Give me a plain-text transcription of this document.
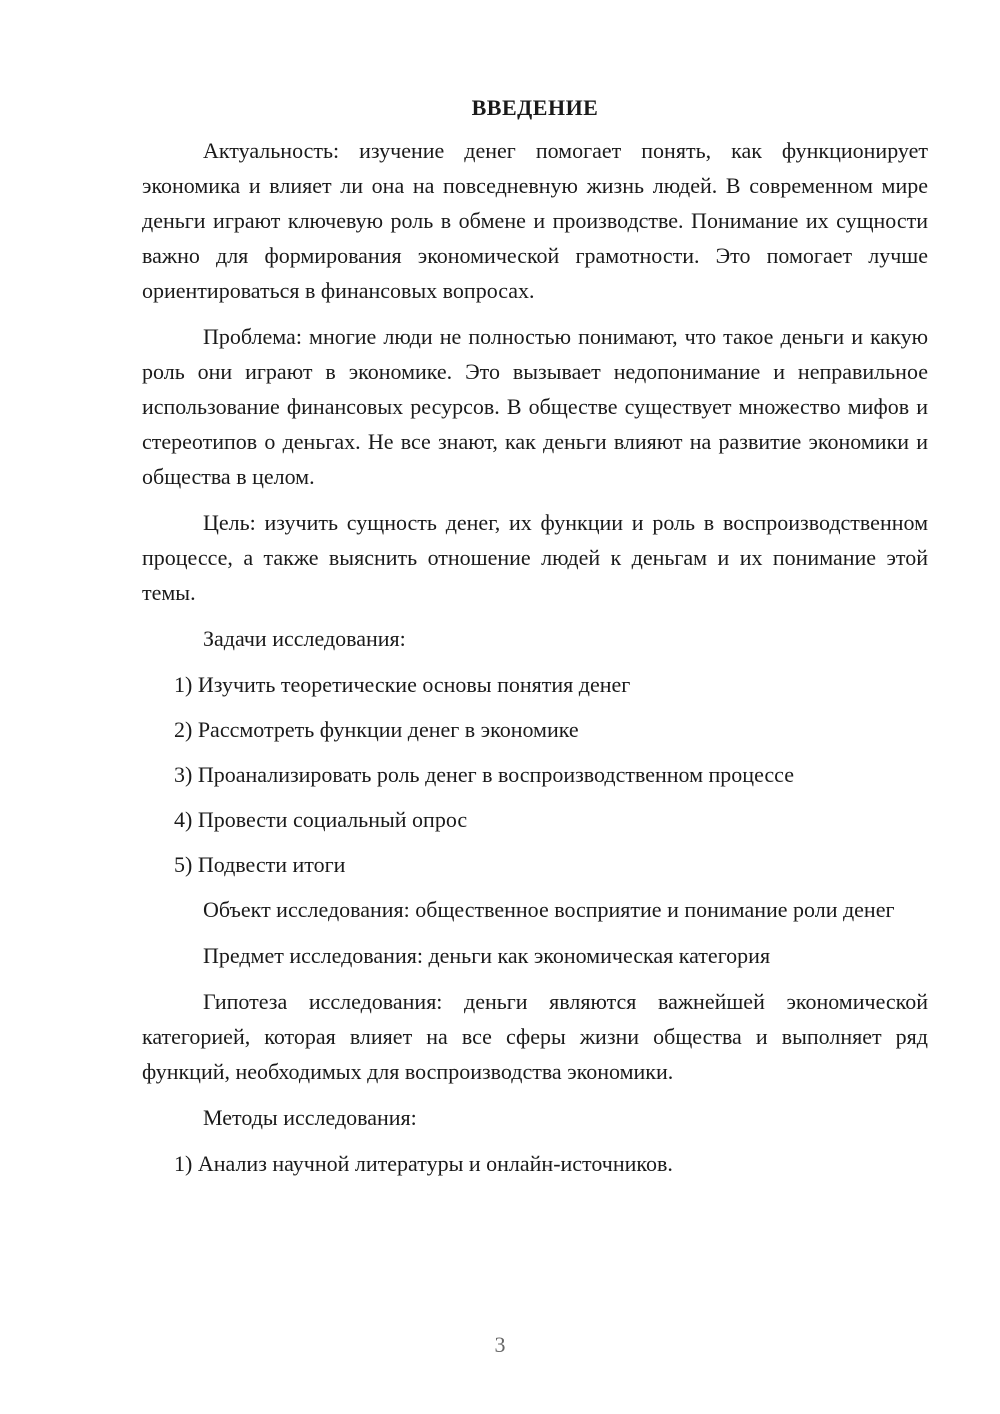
ВВЕДЕНИЕ

Актуальность: изучение денег помогает понять, как функционирует экономика и влияет ли она на повседневную жизнь людей. В современном мире деньги играют ключевую роль в обмене и производстве. Понимание их сущности важно для формирования экономической грамотности. Это помогает лучше ориентироваться в финансовых вопросах.

Проблема: многие люди не полностью понимают, что такое деньги и какую роль они играют в экономике. Это вызывает недопонимание и неправильное использование финансовых ресурсов. В обществе существует множество мифов и стереотипов о деньгах. Не все знают, как деньги влияют на развитие экономики и общества в целом.

Цель: изучить сущность денег, их функции и роль в воспроизводственном процессе, а также выяснить отношение людей к деньгам и их понимание этой темы.

Задачи исследования:

1) Изучить теоретические основы понятия денег

2) Рассмотреть функции денег в экономике

3) Проанализировать роль денег в воспроизводственном процессе

4) Провести социальный опрос

5) Подвести итоги

Объект исследования: общественное восприятие и понимание роли денег

Предмет исследования: деньги как экономическая категория

Гипотеза исследования: деньги являются важнейшей экономической категорией, которая влияет на все сферы жизни общества и выполняет ряд функций, необходимых для воспроизводства экономики.

Методы исследования:

1) Анализ научной литературы и онлайн-источников.

3
